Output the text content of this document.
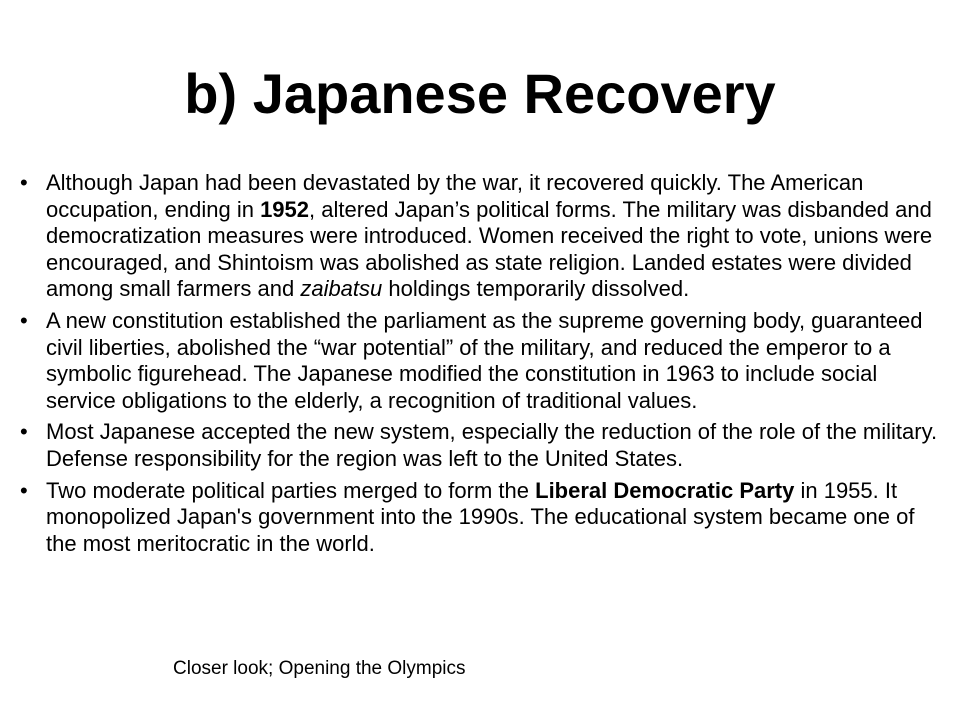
b) Japanese Recovery
• Although Japan had been devastated by the war, it recovered quickly. The American occupation, ending in 1952, altered Japan’s political forms. The military was disbanded and democratization measures were introduced. Women received the right to vote, unions were encouraged, and Shintoism was abolished as state religion. Landed estates were divided among small farmers and zaibatsu holdings temporarily dissolved.
• A new constitution established the parliament as the supreme governing body, guaranteed civil liberties, abolished the “war potential” of the military, and reduced the emperor to a symbolic figurehead. The Japanese modified the constitution in 1963 to include social service obligations to the elderly, a recognition of traditional values.
• Most Japanese accepted the new system, especially the reduction of the role of the military. Defense responsibility for the region was left to the United States.
• Two moderate political parties merged to form the Liberal Democratic Party in 1955. It monopolized Japan's government into the 1990s. The educational system became one of the most meritocratic in the world.
Closer look; Opening the Olympics
